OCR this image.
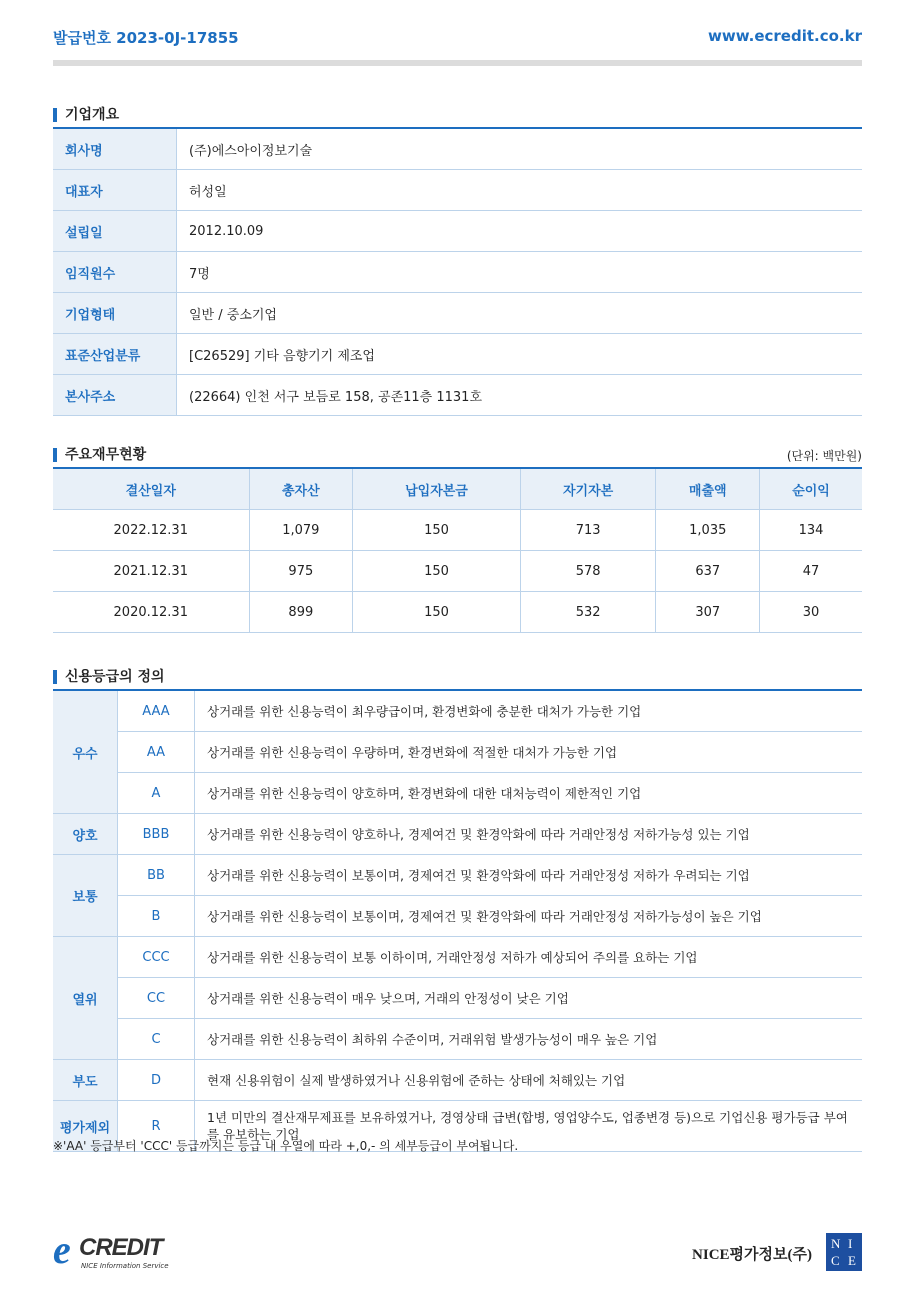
발급번호 2023-0J-17855	www.ecredit.co.kr
기업개요
회사명	(주)에스아이정보기술
대표자	허성일
설립일	2012.10.09
임직원수	7명
기업형태	일반 / 중소기업
표준산업분류	[C26529] 기타 음향기기 제조업
본사주소	(22664) 인천 서구 보듬로 158, 공존11층 1131호
주요재무현황	(단위: 백만원)
결산일자	총자산	납입자본금	자기자본	매출액	순이익
2022.12.31	1,079	150	713	1,035	134
2021.12.31	975	150	578	637	47
2020.12.31	899	150	532	307	30
신용등급의 정의
우수	AAA	상거래를 위한 신용능력이 최우량급이며, 환경변화에 충분한 대처가 가능한 기업
	AA	상거래를 위한 신용능력이 우량하며, 환경변화에 적절한 대처가 가능한 기업
	A	상거래를 위한 신용능력이 양호하며, 환경변화에 대한 대처능력이 제한적인 기업
양호	BBB	상거래를 위한 신용능력이 양호하나, 경제여건 및 환경악화에 따라 거래안정성 저하가능성 있는 기업
보통	BB	상거래를 위한 신용능력이 보통이며, 경제여건 및 환경악화에 따라 거래안정성 저하가 우려되는 기업
	B	상거래를 위한 신용능력이 보통이며, 경제여건 및 환경악화에 따라 거래안정성 저하가능성이 높은 기업
열위	CCC	상거래를 위한 신용능력이 보통 이하이며, 거래안정성 저하가 예상되어 주의를 요하는 기업
	CC	상거래를 위한 신용능력이 매우 낮으며, 거래의 안정성이 낮은 기업
	C	상거래를 위한 신용능력이 최하위 수준이며, 거래위험 발생가능성이 매우 높은 기업
부도	D	현재 신용위험이 실제 발생하였거나 신용위험에 준하는 상태에 처해있는 기업
평가제외	R	1년 미만의 결산재무제표를 보유하였거나, 경영상태 급변(합병, 영업양수도, 업종변경 등)으로 기업신용 평가등급 부여를 유보하는 기업
※'AA' 등급부터 'CCC' 등급까지는 등급 내 우열에 따라 +,0,- 의 세부등급이 부여됩니다.
e CREDIT
NICE Information Service
NICE평가정보(주)
N I
C E
